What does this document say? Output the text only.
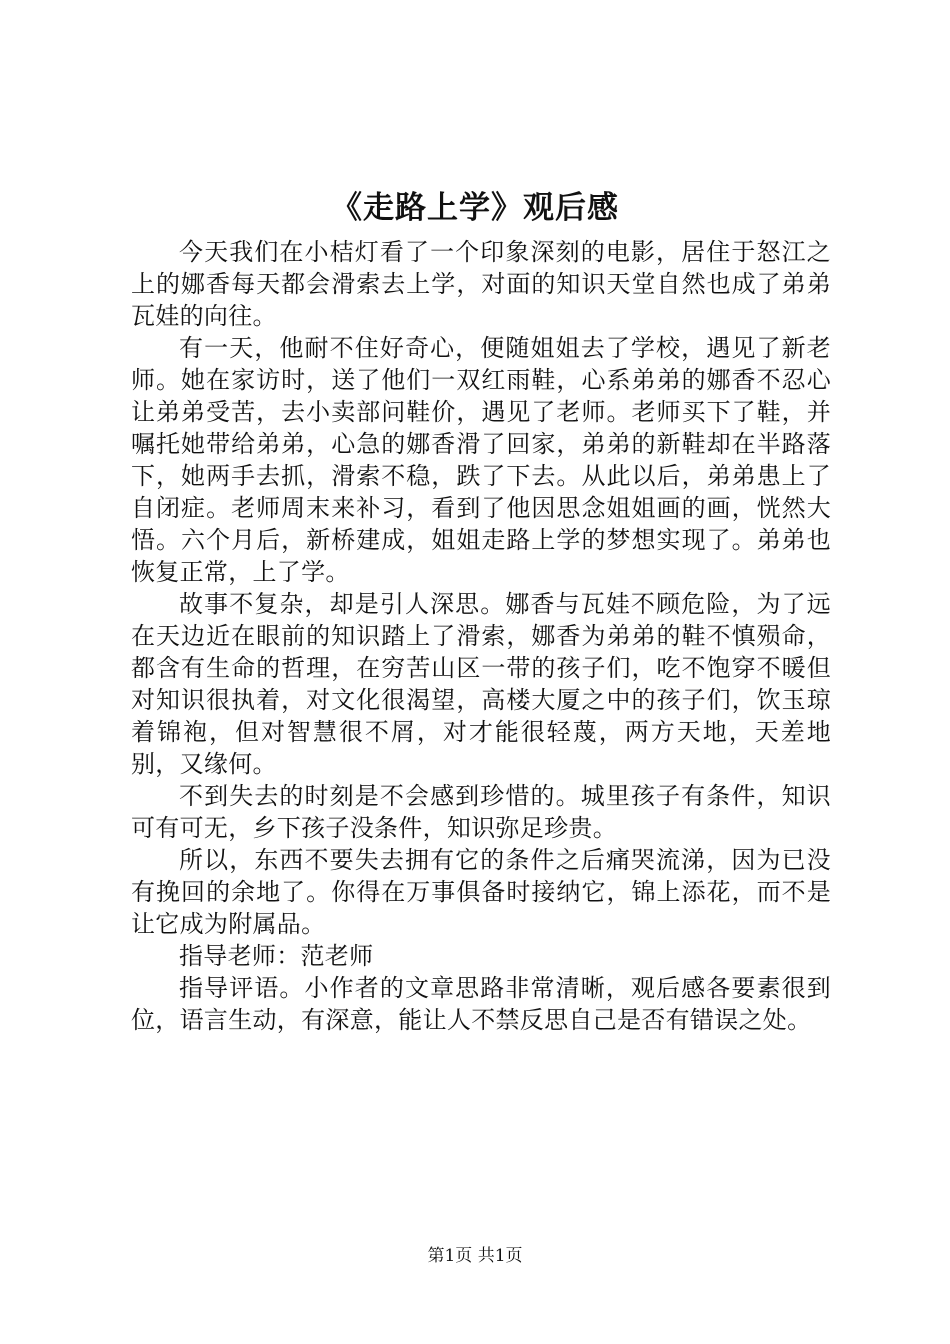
《走路上学》观后感

今天我们在小桔灯看了一个印象深刻的电影，居住于怒江之上的娜香每天都会滑索去上学，对面的知识天堂自然也成了弟弟瓦娃的向往。

有一天，他耐不住好奇心，便随姐姐去了学校，遇见了新老师。她在家访时，送了他们一双红雨鞋，心系弟弟的娜香不忍心让弟弟受苦，去小卖部问鞋价，遇见了老师。老师买下了鞋，并嘱托她带给弟弟，心急的娜香滑了回家，弟弟的新鞋却在半路落下，她两手去抓，滑索不稳，跌了下去。从此以后，弟弟患上了自闭症。老师周末来补习，看到了他因思念姐姐画的画，恍然大悟。六个月后，新桥建成，姐姐走路上学的梦想实现了。弟弟也恢复正常，上了学。

故事不复杂，却是引人深思。娜香与瓦娃不顾危险，为了远在天边近在眼前的知识踏上了滑索，娜香为弟弟的鞋不慎殒命，都含有生命的哲理，在穷苦山区一带的孩子们，吃不饱穿不暖但对知识很执着，对文化很渴望，高楼大厦之中的孩子们，饮玉琼着锦袍，但对智慧很不屑，对才能很轻蔑，两方天地，天差地别，又缘何。

不到失去的时刻是不会感到珍惜的。城里孩子有条件，知识可有可无，乡下孩子没条件，知识弥足珍贵。

所以，东西不要失去拥有它的条件之后痛哭流涕，因为已没有挽回的余地了。你得在万事俱备时接纳它，锦上添花，而不是让它成为附属品。

指导老师：范老师

指导评语。小作者的文章思路非常清晰，观后感各要素很到位，语言生动，有深意，能让人不禁反思自己是否有错误之处。

第1页 共1页
